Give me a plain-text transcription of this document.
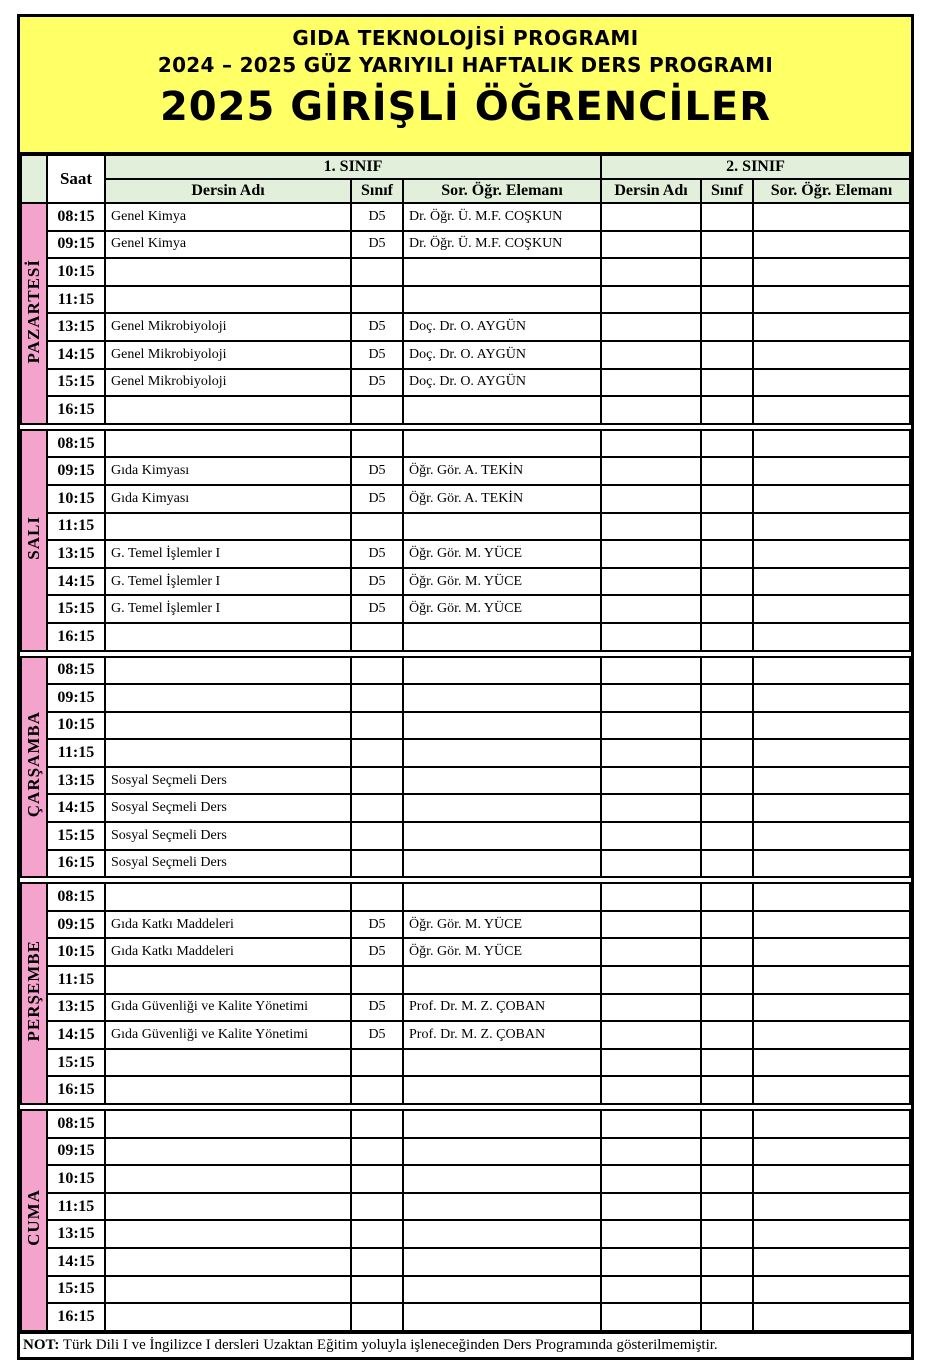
GIDA TEKNOLOJİSİ PROGRAMI
2024 – 2025 GÜZ YARIYILI HAFTALIK DERS PROGRAMI
2025 GİRİŞLİ ÖĞRENCİLER
	Saat	1. SINIF			2. SINIF		
		Dersin Adı	Sınıf	Sor. Öğr. Elemanı	Dersin Adı	Sınıf	Sor. Öğr. Elemanı
PAZARTESİ	08:15	Genel Kimya	D5	Dr. Öğr. Ü. M.F. COŞKUN			
	09:15	Genel Kimya	D5	Dr. Öğr. Ü. M.F. COŞKUN			
	10:15						
	11:15						
	13:15	Genel Mikrobiyoloji	D5	Doç. Dr. O. AYGÜN			
	14:15	Genel Mikrobiyoloji	D5	Doç. Dr. O. AYGÜN			
	15:15	Genel Mikrobiyoloji	D5	Doç. Dr. O. AYGÜN			
	16:15						

SALI	08:15						
	09:15	Gıda Kimyası	D5	Öğr. Gör. A. TEKİN			
	10:15	Gıda Kimyası	D5	Öğr. Gör. A. TEKİN			
	11:15						
	13:15	G. Temel İşlemler I	D5	Öğr. Gör. M. YÜCE			
	14:15	G. Temel İşlemler I	D5	Öğr. Gör. M. YÜCE			
	15:15	G. Temel İşlemler I	D5	Öğr. Gör. M. YÜCE			
	16:15						

ÇARŞAMBA	08:15						
	09:15						
	10:15						
	11:15						
	13:15	Sosyal Seçmeli Ders					
	14:15	Sosyal Seçmeli Ders					
	15:15	Sosyal Seçmeli Ders					
	16:15	Sosyal Seçmeli Ders					

PERŞEMBE	08:15						
	09:15	Gıda Katkı Maddeleri	D5	Öğr. Gör. M. YÜCE			
	10:15	Gıda Katkı Maddeleri	D5	Öğr. Gör. M. YÜCE			
	11:15						
	13:15	Gıda Güvenliği ve Kalite Yönetimi	D5	Prof. Dr. M. Z. ÇOBAN			
	14:15	Gıda Güvenliği ve Kalite Yönetimi	D5	Prof. Dr. M. Z. ÇOBAN			
	15:15						
	16:15						

CUMA	08:15						
	09:15						
	10:15						
	11:15						
	13:15						
	14:15						
	15:15						
	16:15						
NOT: Türk Dili I ve İngilizce I dersleri Uzaktan Eğitim yoluyla işleneceğinden Ders Programında gösterilmemiştir.
